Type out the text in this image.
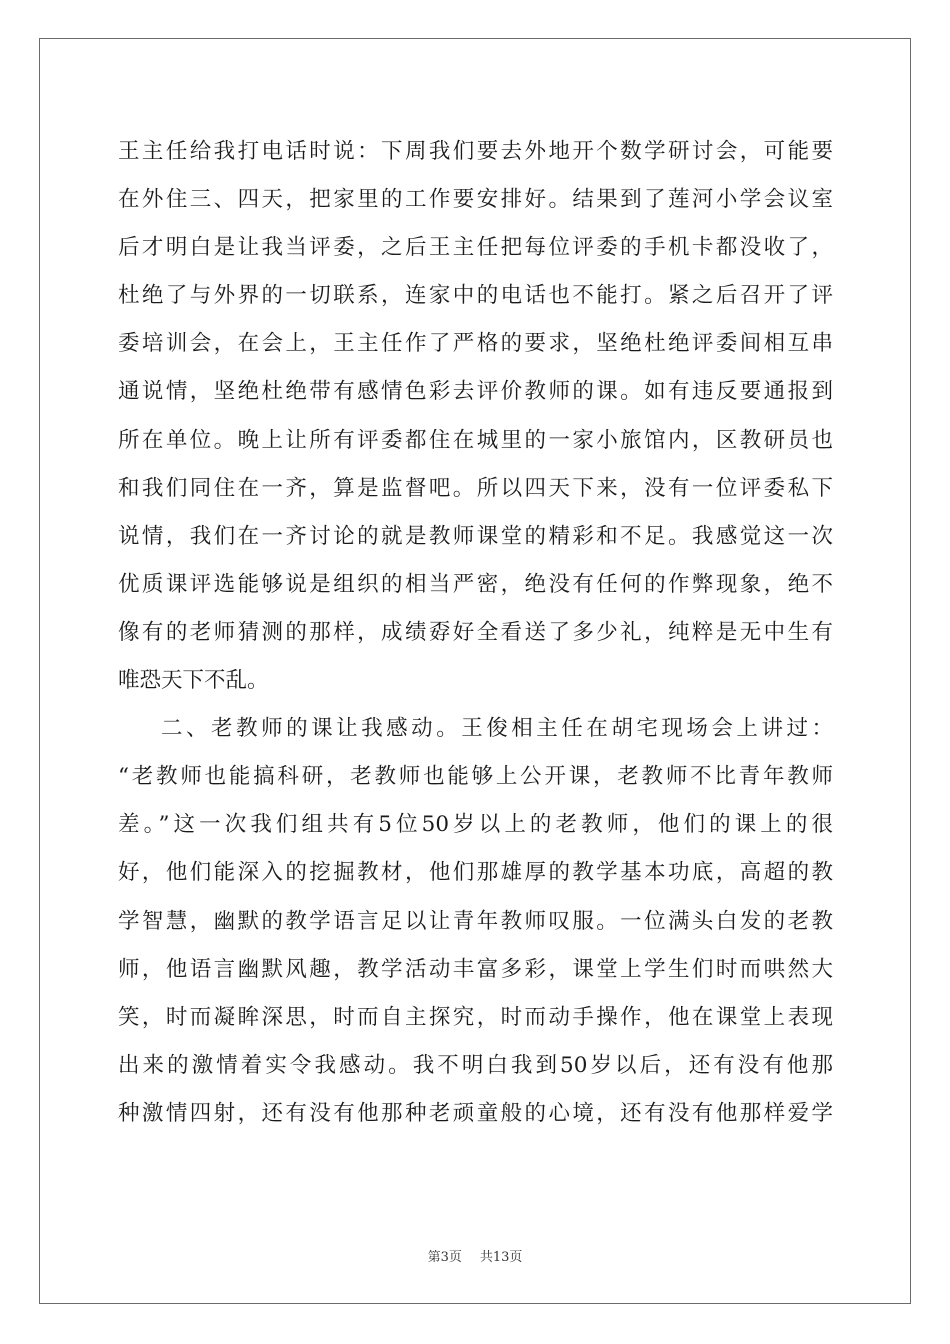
王主任给我打电话时说：下周我们要去外地开个数学研讨会，可能要
在外住三、四天，把家里的工作要安排好。结果到了莲河小学会议室
后才明白是让我当评委，之后王主任把每位评委的手机卡都没收了，
杜绝了与外界的一切联系，连家中的电话也不能打。紧之后召开了评
委培训会，在会上，王主任作了严格的要求，坚绝杜绝评委间相互串
通说情，坚绝杜绝带有感情色彩去评价教师的课。如有违反要通报到
所在单位。晚上让所有评委都住在城里的一家小旅馆内，区教研员也
和我们同住在一齐，算是监督吧。所以四天下来，没有一位评委私下
说情，我们在一齐讨论的就是教师课堂的精彩和不足。我感觉这一次
优质课评选能够说是组织的相当严密，绝没有任何的作弊现象，绝不
像有的老师猜测的那样，成绩孬好全看送了多少礼，纯粹是无中生有
唯恐天下不乱。
二、老教师的课让我感动。王俊相主任在胡宅现场会上讲过：
“老教师也能搞科研，老教师也能够上公开课，老教师不比青年教师
差。”这一次我们组共有5位50岁以上的老教师，他们的课上的很
好，他们能深入的挖掘教材，他们那雄厚的教学基本功底，高超的教
学智慧，幽默的教学语言足以让青年教师叹服。一位满头白发的老教
师，他语言幽默风趣，教学活动丰富多彩，课堂上学生们时而哄然大
笑，时而凝眸深思，时而自主探究，时而动手操作，他在课堂上表现
出来的激情着实令我感动。我不明白我到50岁以后，还有没有他那
种激情四射，还有没有他那种老顽童般的心境，还有没有他那样爱学
第3页 共13页
